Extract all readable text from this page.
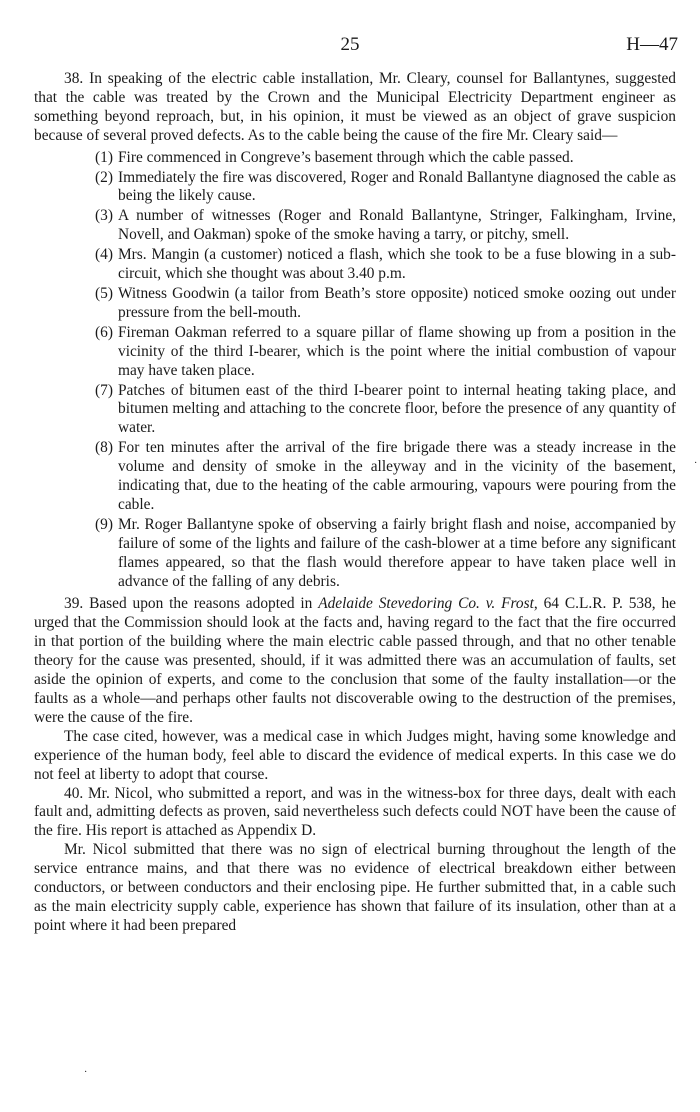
25	H—47

38. In speaking of the electric cable installation, Mr. Cleary, counsel for Ballantynes, suggested that the cable was treated by the Crown and the Municipal Electricity Department engineer as something beyond reproach, but, in his opinion, it must be viewed as an object of grave suspicion because of several proved defects. As to the cable being the cause of the fire Mr. Cleary said—

(1) Fire commenced in Congreve’s basement through which the cable passed.
(2) Immediately the fire was discovered, Roger and Ronald Ballantyne diagnosed the cable as being the likely cause.
(3) A number of witnesses (Roger and Ronald Ballantyne, Stringer, Falkingham, Irvine, Novell, and Oakman) spoke of the smoke having a tarry, or pitchy, smell.
(4) Mrs. Mangin (a customer) noticed a flash, which she took to be a fuse blowing in a sub-circuit, which she thought was about 3.40 p.m.
(5) Witness Goodwin (a tailor from Beath’s store opposite) noticed smoke oozing out under pressure from the bell-mouth.
(6) Fireman Oakman referred to a square pillar of flame showing up from a position in the vicinity of the third I-bearer, which is the point where the initial combustion of vapour may have taken place.
(7) Patches of bitumen east of the third I-bearer point to internal heating taking place, and bitumen melting and attaching to the concrete floor, before the presence of any quantity of water.
(8) For ten minutes after the arrival of the fire brigade there was a steady increase in the volume and density of smoke in the alleyway and in the vicinity of the basement, indicating that, due to the heating of the cable armouring, vapours were pouring from the cable.
(9) Mr. Roger Ballantyne spoke of observing a fairly bright flash and noise, accompanied by failure of some of the lights and failure of the cash-blower at a time before any significant flames appeared, so that the flash would therefore appear to have taken place well in advance of the falling of any debris.

39. Based upon the reasons adopted in Adelaide Stevedoring Co. v. Frost, 64 C.L.R. P. 538, he urged that the Commission should look at the facts and, having regard to the fact that the fire occurred in that portion of the building where the main electric cable passed through, and that no other tenable theory for the cause was presented, should, if it was admitted there was an accumulation of faults, set aside the opinion of experts, and come to the conclusion that some of the faulty installation—or the faults as a whole—and perhaps other faults not discoverable owing to the destruction of the premises, were the cause of the fire.

The case cited, however, was a medical case in which Judges might, having some knowledge and experience of the human body, feel able to discard the evidence of medical experts. In this case we do not feel at liberty to adopt that course.

40. Mr. Nicol, who submitted a report, and was in the witness-box for three days, dealt with each fault and, admitting defects as proven, said nevertheless such defects could NOT have been the cause of the fire. His report is attached as Appendix D.

Mr. Nicol submitted that there was no sign of electrical burning throughout the length of the service entrance mains, and that there was no evidence of electrical breakdown either between conductors, or between conductors and their enclosing pipe. He further submitted that, in a cable such as the main electricity supply cable, experience has shown that failure of its insulation, other than at a point where it had been prepared

·
·
